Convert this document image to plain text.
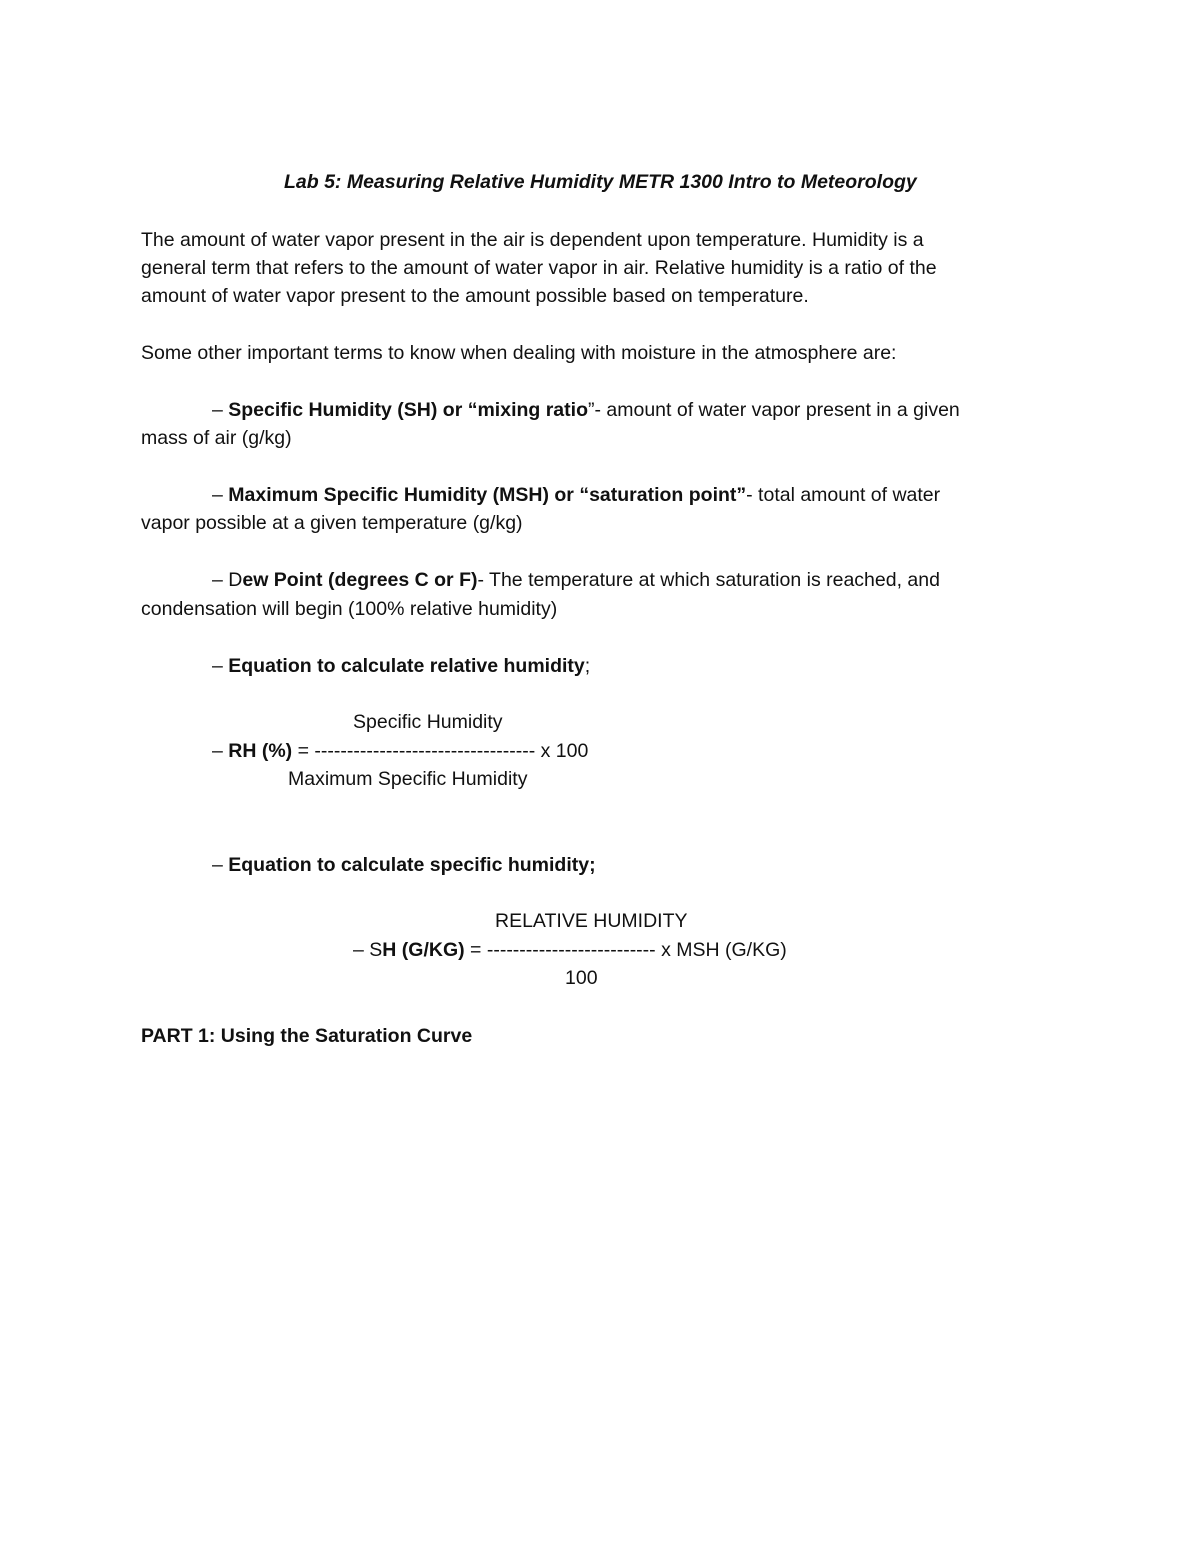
Lab 5: Measuring Relative Humidity METR 1300 Intro to Meteorology
The amount of water vapor present in the air is dependent upon temperature. Humidity is a
general term that refers to the amount of water vapor in air. Relative humidity is a ratio of the
amount of water vapor present to the amount possible based on temperature.
Some other important terms to know when dealing with moisture in the atmosphere are:
– Specific Humidity (SH) or “mixing ratio”- amount of water vapor present in a given
mass of air (g/kg)
– Maximum Specific Humidity (MSH) or “saturation point”- total amount of water
vapor possible at a given temperature (g/kg)
– Dew Point (degrees C or F)- The temperature at which saturation is reached, and
condensation will begin (100% relative humidity)
– Equation to calculate relative humidity;
Specific Humidity
– RH (%) = ---------------------------------- x 100
Maximum Specific Humidity
– Equation to calculate specific humidity;
RELATIVE HUMIDITY
– SH (G/KG) = -------------------------- x MSH (G/KG)
100
PART 1: Using the Saturation Curve
